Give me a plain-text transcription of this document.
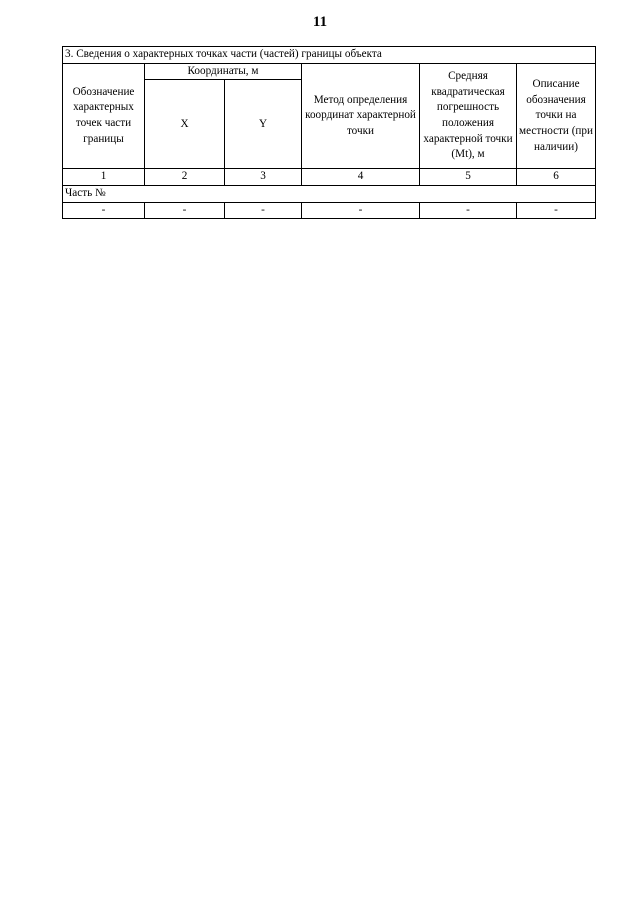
11
3. Сведения о характерных точках части (частей) границы объекта					
Обозначение характерных точек части границы	Координаты, м		Метод определения координат характерной точки	Средняя квадратическая погрешность положения характерной точки (Mt), м	Описание обозначения точки на местности (при наличии)
	X	Y			
1	2	3	4	5	6
Часть №					
-	-	-	-	-	-
